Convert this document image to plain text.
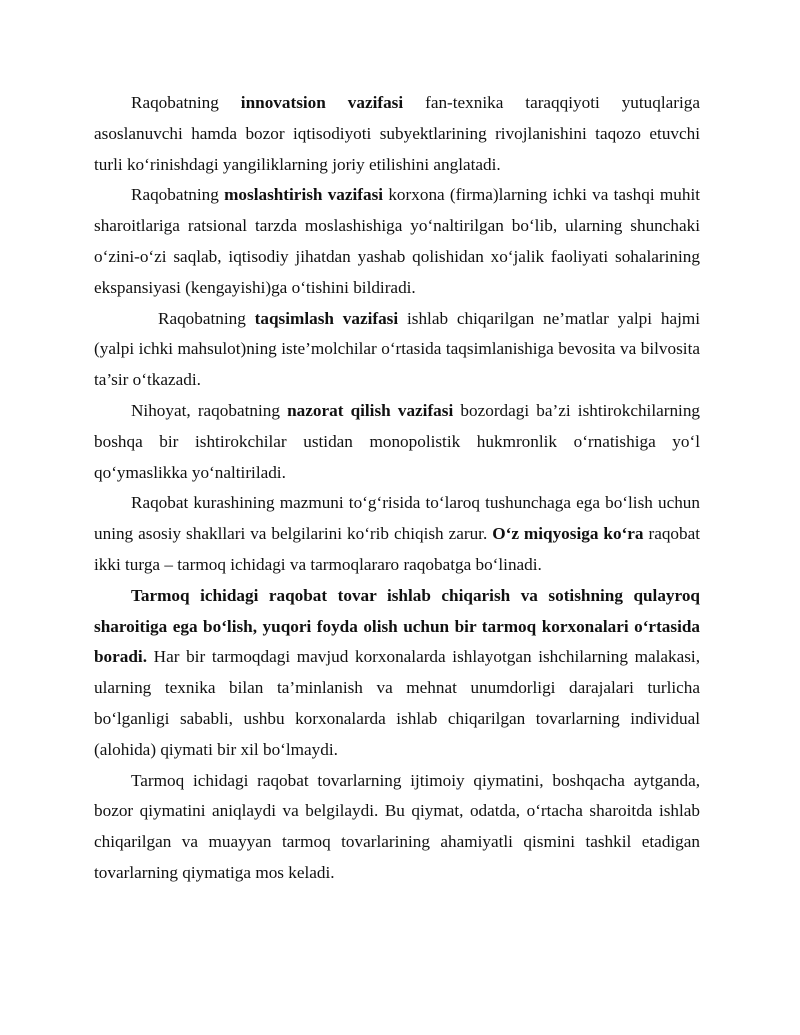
Raqobatning innovatsion vazifasi fan-texnika taraqqiyoti yutuqlariga asoslanuvchi hamda bozor iqtisodiyoti subyektlarining rivojlanishini taqozo etuvchi turli ko‘rinishdagi yangiliklarning joriy etilishini anglatadi.

Raqobatning moslashtirish vazifasi korxona (firma)larning ichki va tashqi muhit sharoitlariga ratsional tarzda moslashishiga yo‘naltirilgan bo‘lib, ularning shunchaki o‘zini-o‘zi saqlab, iqtisodiy jihatdan yashab qolishidan xo‘jalik faoliyati sohalarining ekspansiyasi (kengayishi)ga o‘tishini bildiradi.

Raqobatning taqsimlash vazifasi ishlab chiqarilgan ne’matlar yalpi hajmi (yalpi ichki mahsulot)ning iste’molchilar o‘rtasida taqsimlanishiga bevosita va bilvosita ta’sir o‘tkazadi.

Nihoyat, raqobatning nazorat qilish vazifasi bozordagi ba’zi ishtirokchilarning boshqa bir ishtirokchilar ustidan monopolistik hukmronlik o‘rnatishiga yo‘l qo‘ymaslikka yo‘naltiriladi.

Raqobat kurashining mazmuni to‘g‘risida to‘laroq tushunchaga ega bo‘lish uchun uning asosiy shakllari va belgilarini ko‘rib chiqish zarur. O‘z miqyosiga ko‘ra raqobat ikki turga – tarmoq ichidagi va tarmoqlararo raqobatga bo‘linadi.

Tarmoq ichidagi raqobat tovar ishlab chiqarish va sotishning qulayroq sharoitiga ega bo‘lish, yuqori foyda olish uchun bir tarmoq korxonalari o‘rtasida boradi. Har bir tarmoqdagi mavjud korxonalarda ishlayotgan ishchilarning malakasi, ularning texnika bilan ta’minlanish va mehnat unumdorligi darajalari turlicha bo‘lganligi sababli, ushbu korxonalarda ishlab chiqarilgan tovarlarning individual (alohida) qiymati bir xil bo‘lmaydi.

Tarmoq ichidagi raqobat tovarlarning ijtimoiy qiymatini, boshqacha aytganda, bozor qiymatini aniqlaydi va belgilaydi. Bu qiymat, odatda, o‘rtacha sharoitda ishlab chiqarilgan va muayyan tarmoq tovarlarining ahamiyatli qismini tashkil etadigan tovarlarning qiymatiga mos keladi.
